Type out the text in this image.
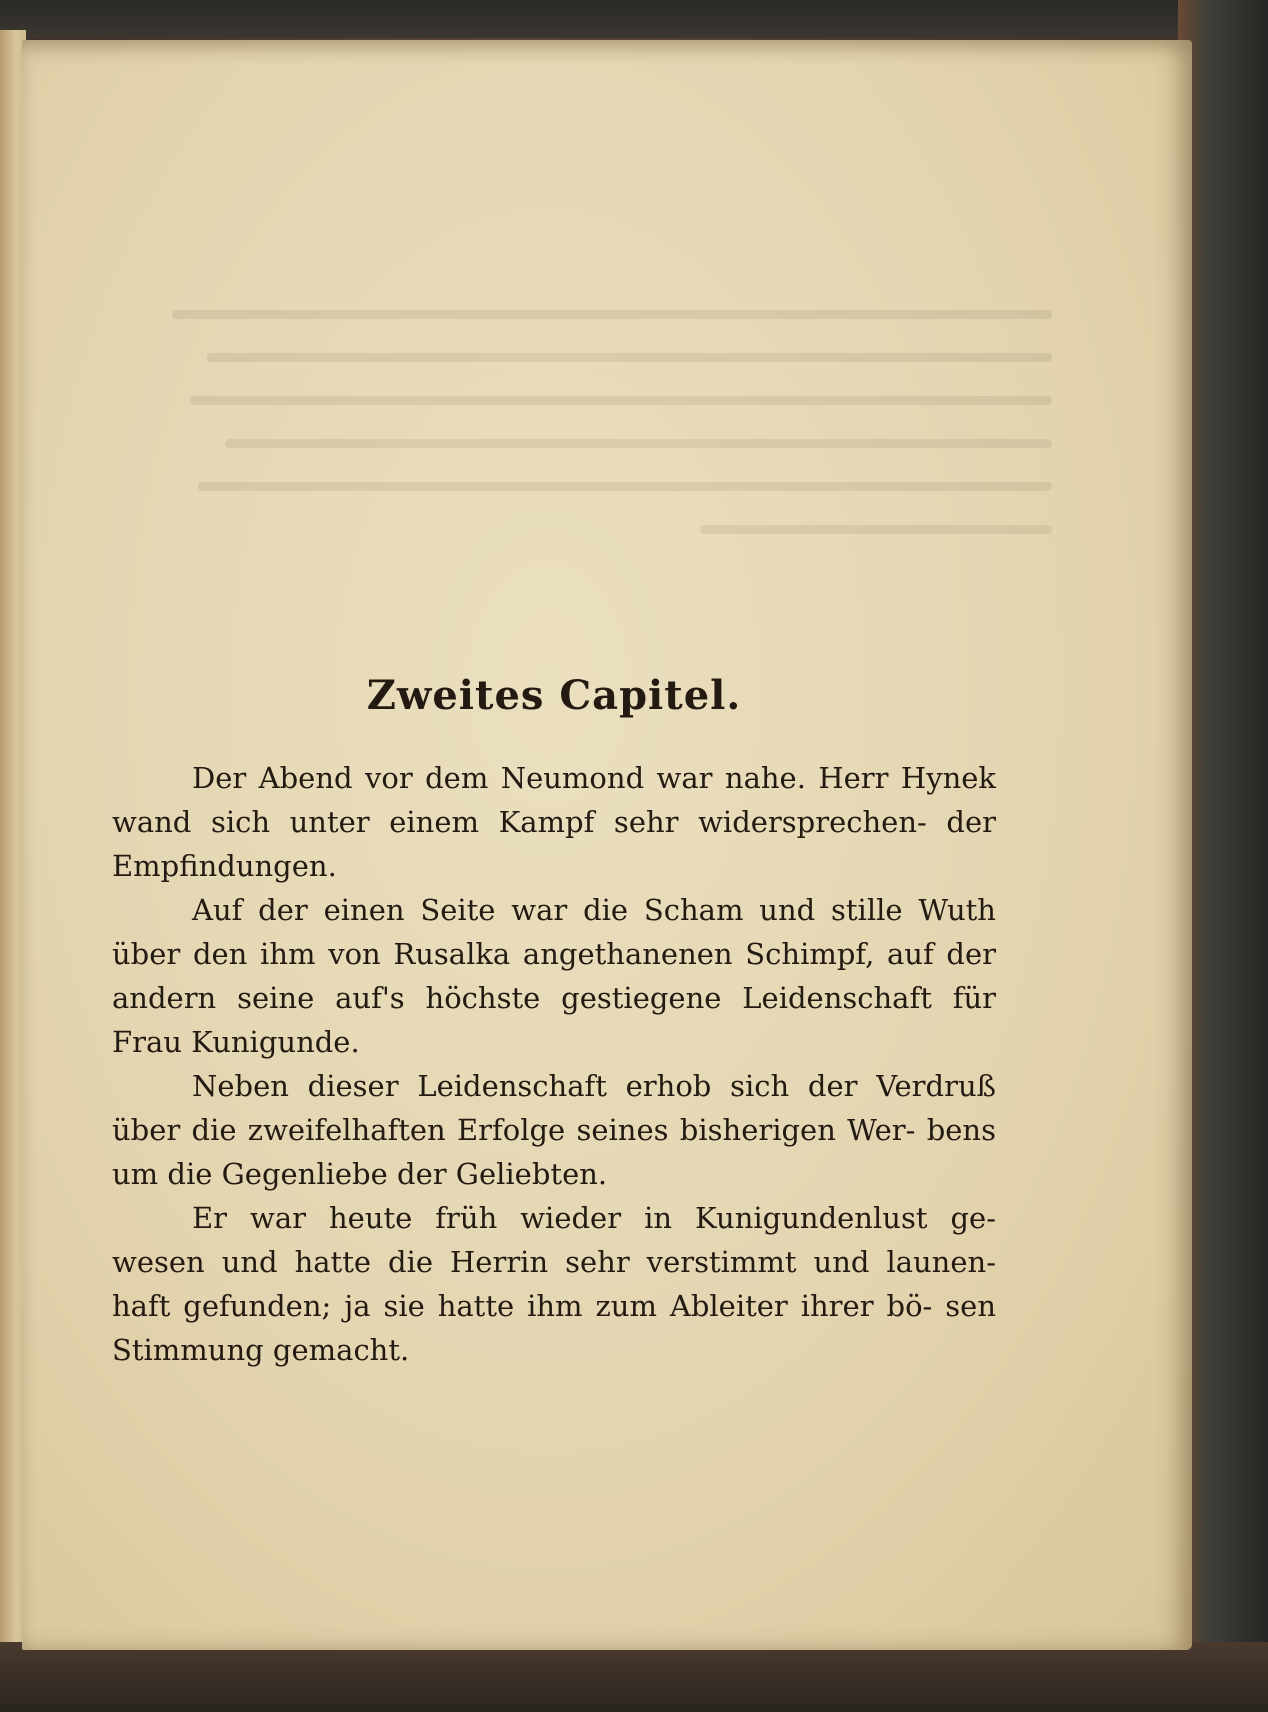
Zweites Capitel.

Der Abend vor dem Neumond war nahe. Herr Hynek wand sich unter einem Kampf sehr widersprechen- der Empfindungen.

Auf der einen Seite war die Scham und stille Wuth über den ihm von Rusalka angethanenen Schimpf, auf der andern seine auf's höchste gestiegene Leidenschaft für Frau Kunigunde.

Neben dieser Leidenschaft erhob sich der Verdruß über die zweifelhaften Erfolge seines bisherigen Wer- bens um die Gegenliebe der Geliebten.

Er war heute früh wieder in Kunigundenlust ge- wesen und hatte die Herrin sehr verstimmt und launen- haft gefunden; ja sie hatte ihm zum Ableiter ihrer bö- sen Stimmung gemacht.
